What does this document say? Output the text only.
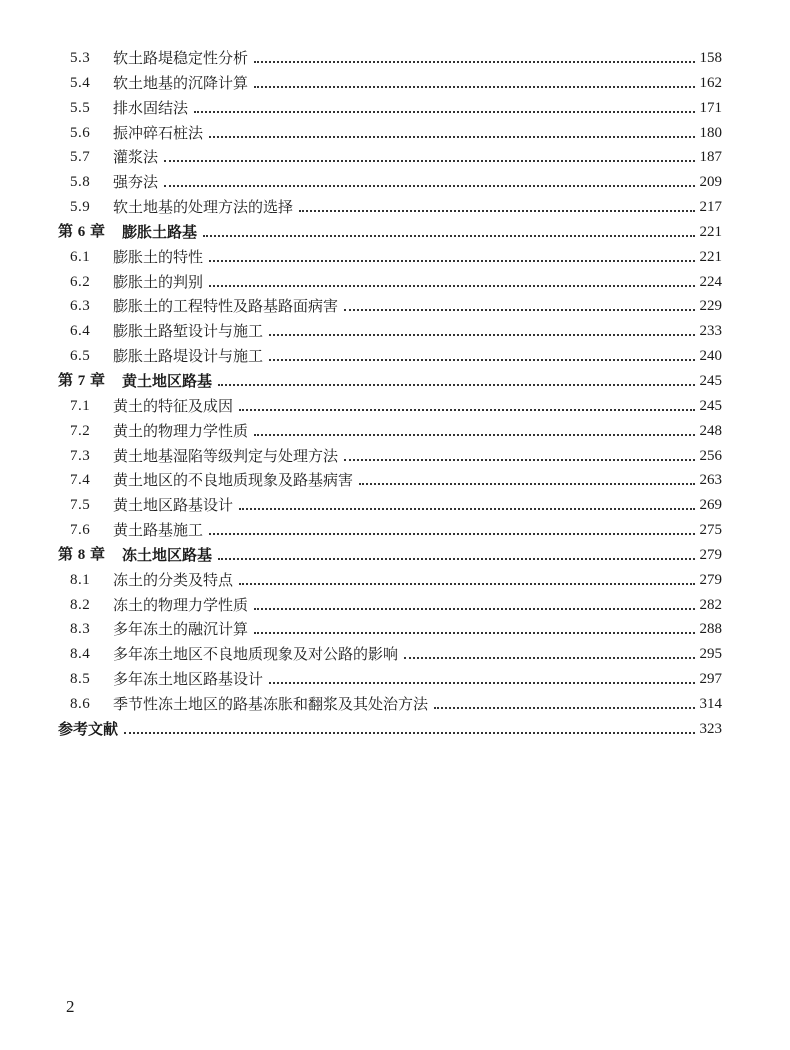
5.3 软土路堤稳定性分析	158
5.4 软土地基的沉降计算	162
5.5 排水固结法	171
5.6 振冲碎石桩法	180
5.7 灌浆法	187
5.8 强夯法	209
5.9 软土地基的处理方法的选择	217
第 6 章 膨胀土路基	221
6.1 膨胀土的特性	221
6.2 膨胀土的判别	224
6.3 膨胀土的工程特性及路基路面病害	229
6.4 膨胀土路堑设计与施工	233
6.5 膨胀土路堤设计与施工	240
第 7 章 黄土地区路基	245
7.1 黄土的特征及成因	245
7.2 黄土的物理力学性质	248
7.3 黄土地基湿陷等级判定与处理方法	256
7.4 黄土地区的不良地质现象及路基病害	263
7.5 黄土地区路基设计	269
7.6 黄土路基施工	275
第 8 章 冻土地区路基	279
8.1 冻土的分类及特点	279
8.2 冻土的物理力学性质	282
8.3 多年冻土的融沉计算	288
8.4 多年冻土地区不良地质现象及对公路的影响	295
8.5 多年冻土地区路基设计	297
8.6 季节性冻土地区的路基冻胀和翻浆及其处治方法	314
参考文献	323
2
